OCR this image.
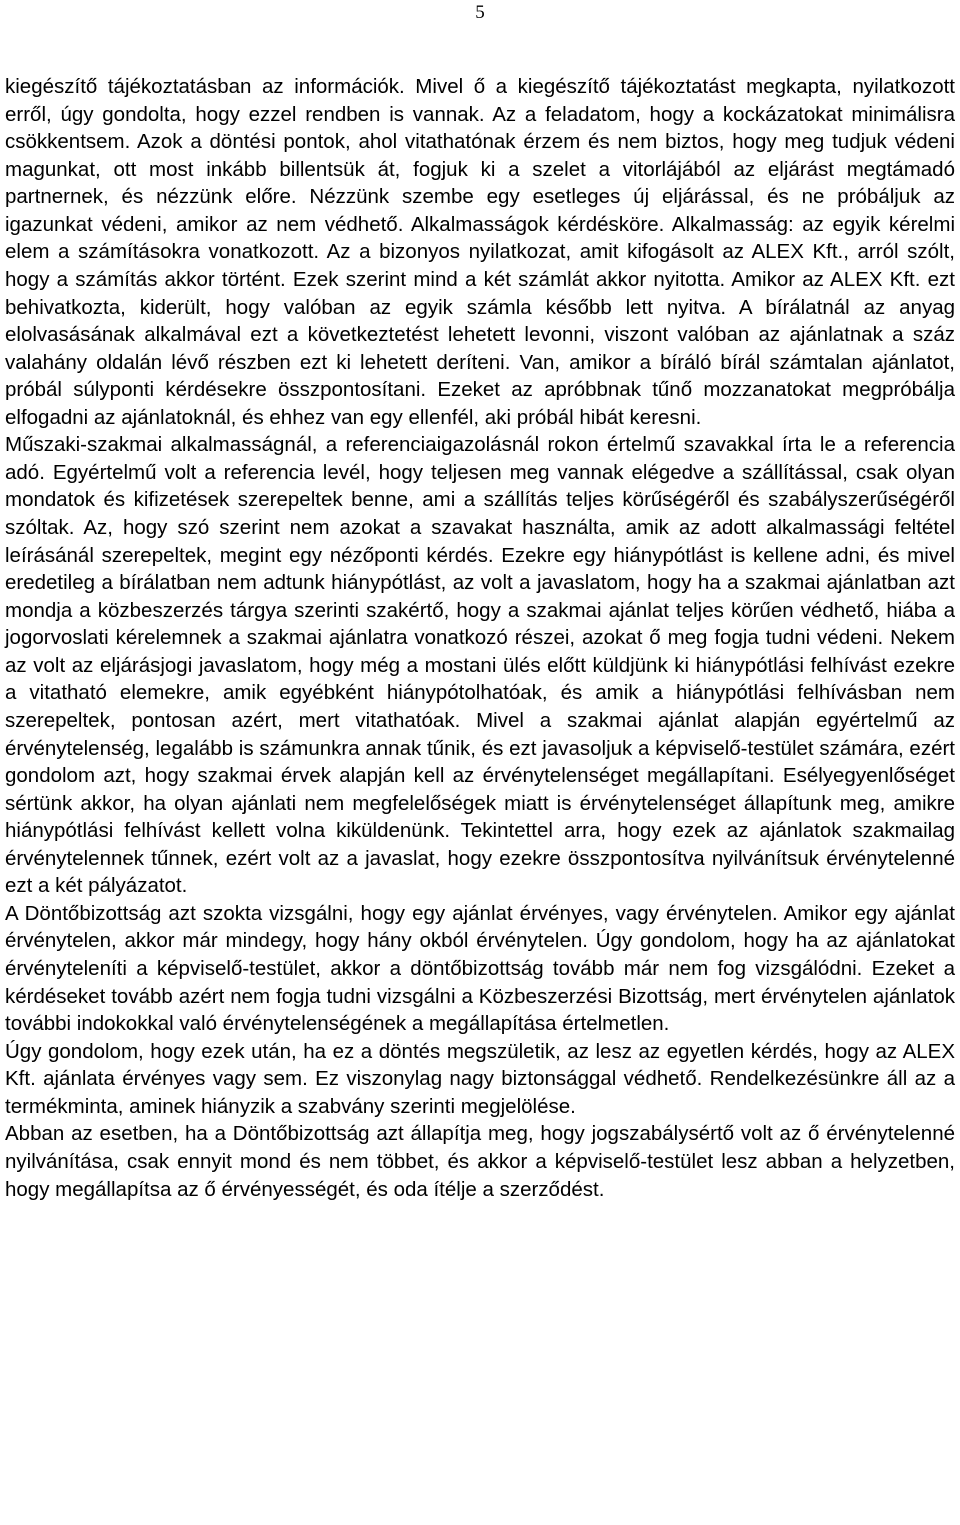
5

kiegészítő tájékoztatásban az információk. Mivel ő a kiegészítő tájékoztatást megkapta, nyilatkozott erről, úgy gondolta, hogy ezzel rendben is vannak. Az a feladatom, hogy a kockázatokat minimálisra csökkentsem. Azok a döntési pontok, ahol vitathatónak érzem és nem biztos, hogy meg tudjuk védeni magunkat, ott most inkább billentsük át, fogjuk ki a szelet a vitorlájából az eljárást megtámadó partnernek, és nézzünk előre. Nézzünk szembe egy esetleges új eljárással, és ne próbáljuk az igazunkat védeni, amikor az nem védhető. Alkalmasságok kérdésköre. Alkalmasság: az egyik kérelmi elem a számításokra vonatkozott. Az a bizonyos nyilatkozat, amit kifogásolt az ALEX Kft., arról szólt, hogy a számítás akkor történt. Ezek szerint mind a két számlát akkor nyitotta. Amikor az ALEX Kft. ezt behivatkozta, kiderült, hogy valóban az egyik számla később lett nyitva. A bírálatnál az anyag elolvasásának alkalmával ezt a következtetést lehetett levonni, viszont valóban az ajánlatnak a száz valahány oldalán lévő részben ezt ki lehetett deríteni. Van, amikor a bíráló bírál számtalan ajánlatot, próbál súlyponti kérdésekre összpontosítani. Ezeket az apróbbnak tűnő mozzanatokat megpróbálja elfogadni az ajánlatoknál, és ehhez van egy ellenfél, aki próbál hibát keresni.

Műszaki-szakmai alkalmasságnál, a referenciaigazolásnál rokon értelmű szavakkal írta le a referencia adó. Egyértelmű volt a referencia levél, hogy teljesen meg vannak elégedve a szállítással, csak olyan mondatok és kifizetések szerepeltek benne, ami a szállítás teljes körűségéről és szabályszerűségéről szóltak. Az, hogy szó szerint nem azokat a szavakat használta, amik az adott alkalmassági feltétel leírásánál szerepeltek, megint egy nézőponti kérdés. Ezekre egy hiánypótlást is kellene adni, és mivel eredetileg a bírálatban nem adtunk hiánypótlást, az volt a javaslatom, hogy ha a szakmai ajánlatban azt mondja a közbeszerzés tárgya szerinti szakértő, hogy a szakmai ajánlat teljes körűen védhető, hiába a jogorvoslati kérelemnek a szakmai ajánlatra vonatkozó részei, azokat ő meg fogja tudni védeni. Nekem az volt az eljárásjogi javaslatom, hogy még a mostani ülés előtt küldjünk ki hiánypótlási felhívást ezekre a vitatható elemekre, amik egyébként hiánypótolhatóak, és amik a hiánypótlási felhívásban nem szerepeltek, pontosan azért, mert vitathatóak. Mivel a szakmai ajánlat alapján egyértelmű az érvénytelenség, legalább is számunkra annak tűnik, és ezt javasoljuk a képviselő-testület számára, ezért gondolom azt, hogy szakmai érvek alapján kell az érvénytelenséget megállapítani. Esélyegyenlőséget sértünk akkor, ha olyan ajánlati nem megfelelőségek miatt is érvénytelenséget állapítunk meg, amikre hiánypótlási felhívást kellett volna kiküldenünk. Tekintettel arra, hogy ezek az ajánlatok szakmailag érvénytelennek tűnnek, ezért volt az a javaslat, hogy ezekre összpontosítva nyilvánítsuk érvénytelenné ezt a két pályázatot.

A Döntőbizottság azt szokta vizsgálni, hogy egy ajánlat érvényes, vagy érvénytelen. Amikor egy ajánlat érvénytelen, akkor már mindegy, hogy hány okból érvénytelen. Úgy gondolom, hogy ha az ajánlatokat érvényteleníti a képviselő-testület, akkor a döntőbizottság tovább már nem fog vizsgálódni. Ezeket a kérdéseket tovább azért nem fogja tudni vizsgálni a Közbeszerzési Bizottság, mert érvénytelen ajánlatok további indokokkal való érvénytelenségének a megállapítása értelmetlen.

Úgy gondolom, hogy ezek után, ha ez a döntés megszületik, az lesz az egyetlen kérdés, hogy az ALEX Kft. ajánlata érvényes vagy sem. Ez viszonylag nagy biztonsággal védhető. Rendelkezésünkre áll az a termékminta, aminek hiányzik a szabvány szerinti megjelölése.

Abban az esetben, ha a Döntőbizottság azt állapítja meg, hogy jogszabálysértő volt az ő érvénytelenné nyilvánítása, csak ennyit mond és nem többet, és akkor a képviselő-testület lesz abban a helyzetben, hogy megállapítsa az ő érvényességét, és oda ítélje a szerződést.
